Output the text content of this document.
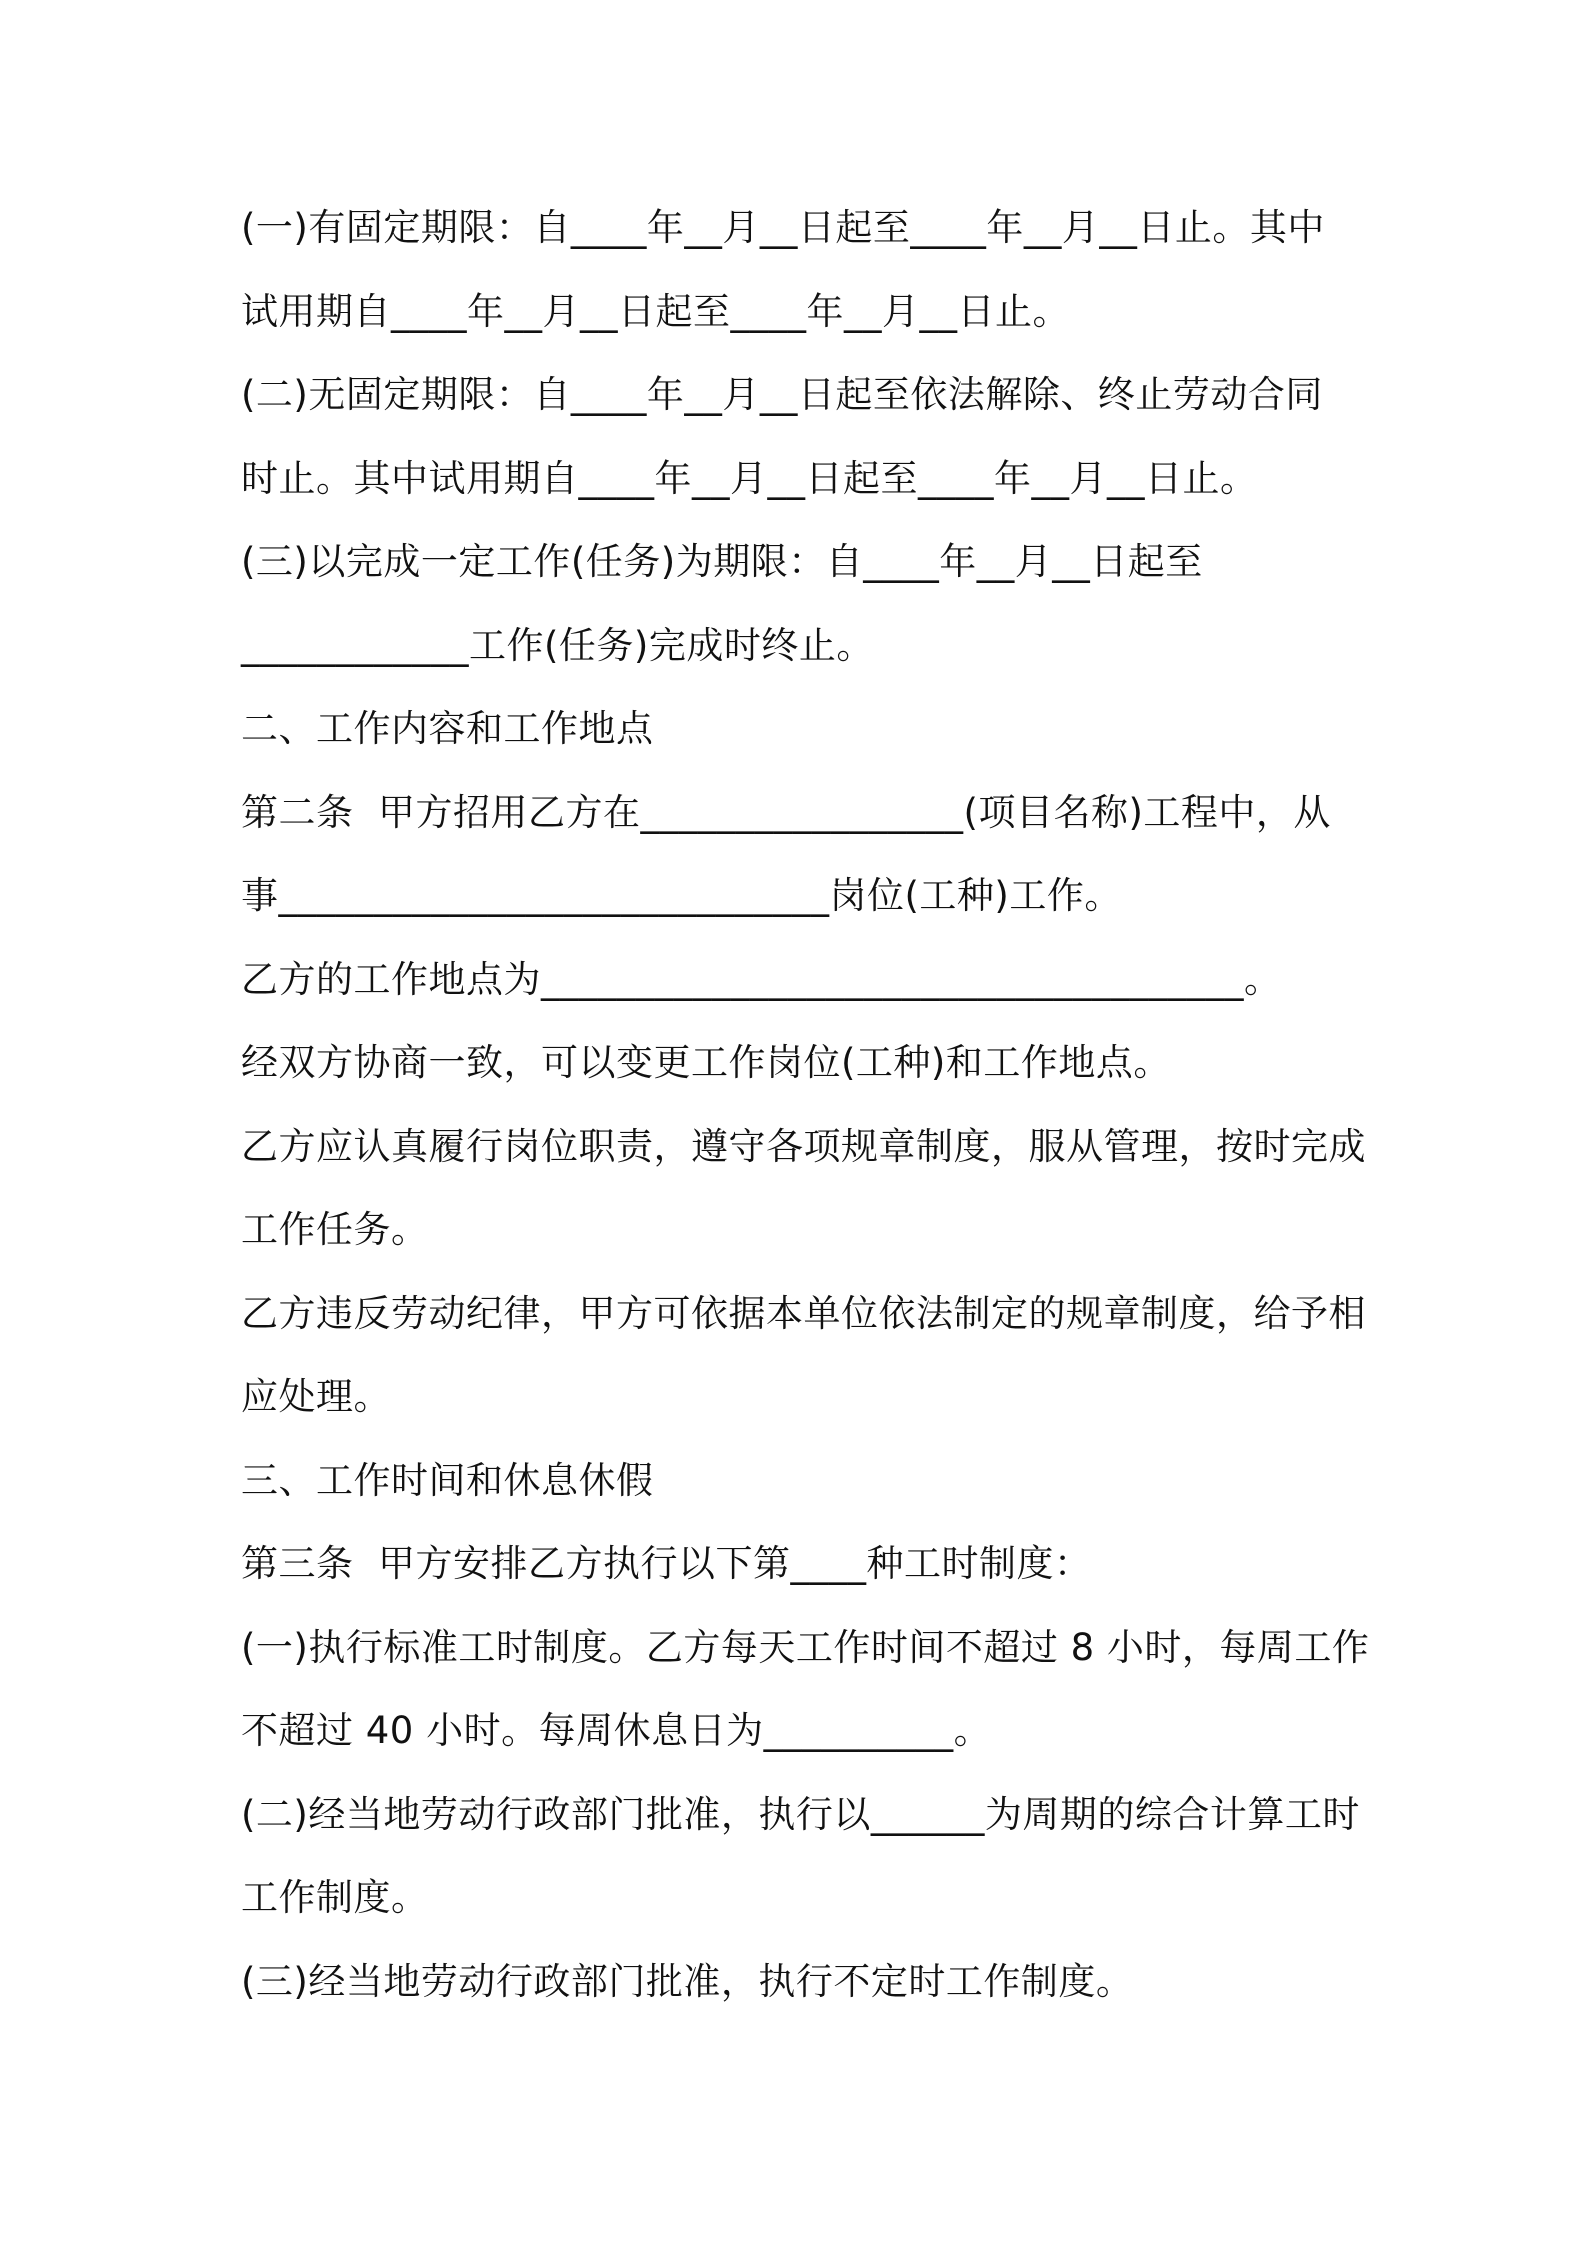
(一)有固定期限：自____年__月__日起至____年__月__日止。其中
试用期自____年__月__日起至____年__月__日止。
(二)无固定期限：自____年__月__日起至依法解除、终止劳动合同
时止。其中试用期自____年__月__日起至____年__月__日止。
(三)以完成一定工作(任务)为期限：自____年__月__日起至
____________工作(任务)完成时终止。
二、工作内容和工作地点
第二条  甲方招用乙方在_________________(项目名称)工程中，从
事_____________________________岗位(工种)工作。
乙方的工作地点为_____________________________________。
经双方协商一致，可以变更工作岗位(工种)和工作地点。
乙方应认真履行岗位职责，遵守各项规章制度，服从管理，按时完成
工作任务。
乙方违反劳动纪律，甲方可依据本单位依法制定的规章制度，给予相
应处理。
三、工作时间和休息休假
第三条  甲方安排乙方执行以下第____种工时制度：
(一)执行标准工时制度。乙方每天工作时间不超过 8 小时，每周工作
不超过 40 小时。每周休息日为__________。
(二)经当地劳动行政部门批准，执行以______为周期的综合计算工时
工作制度。
(三)经当地劳动行政部门批准，执行不定时工作制度。
